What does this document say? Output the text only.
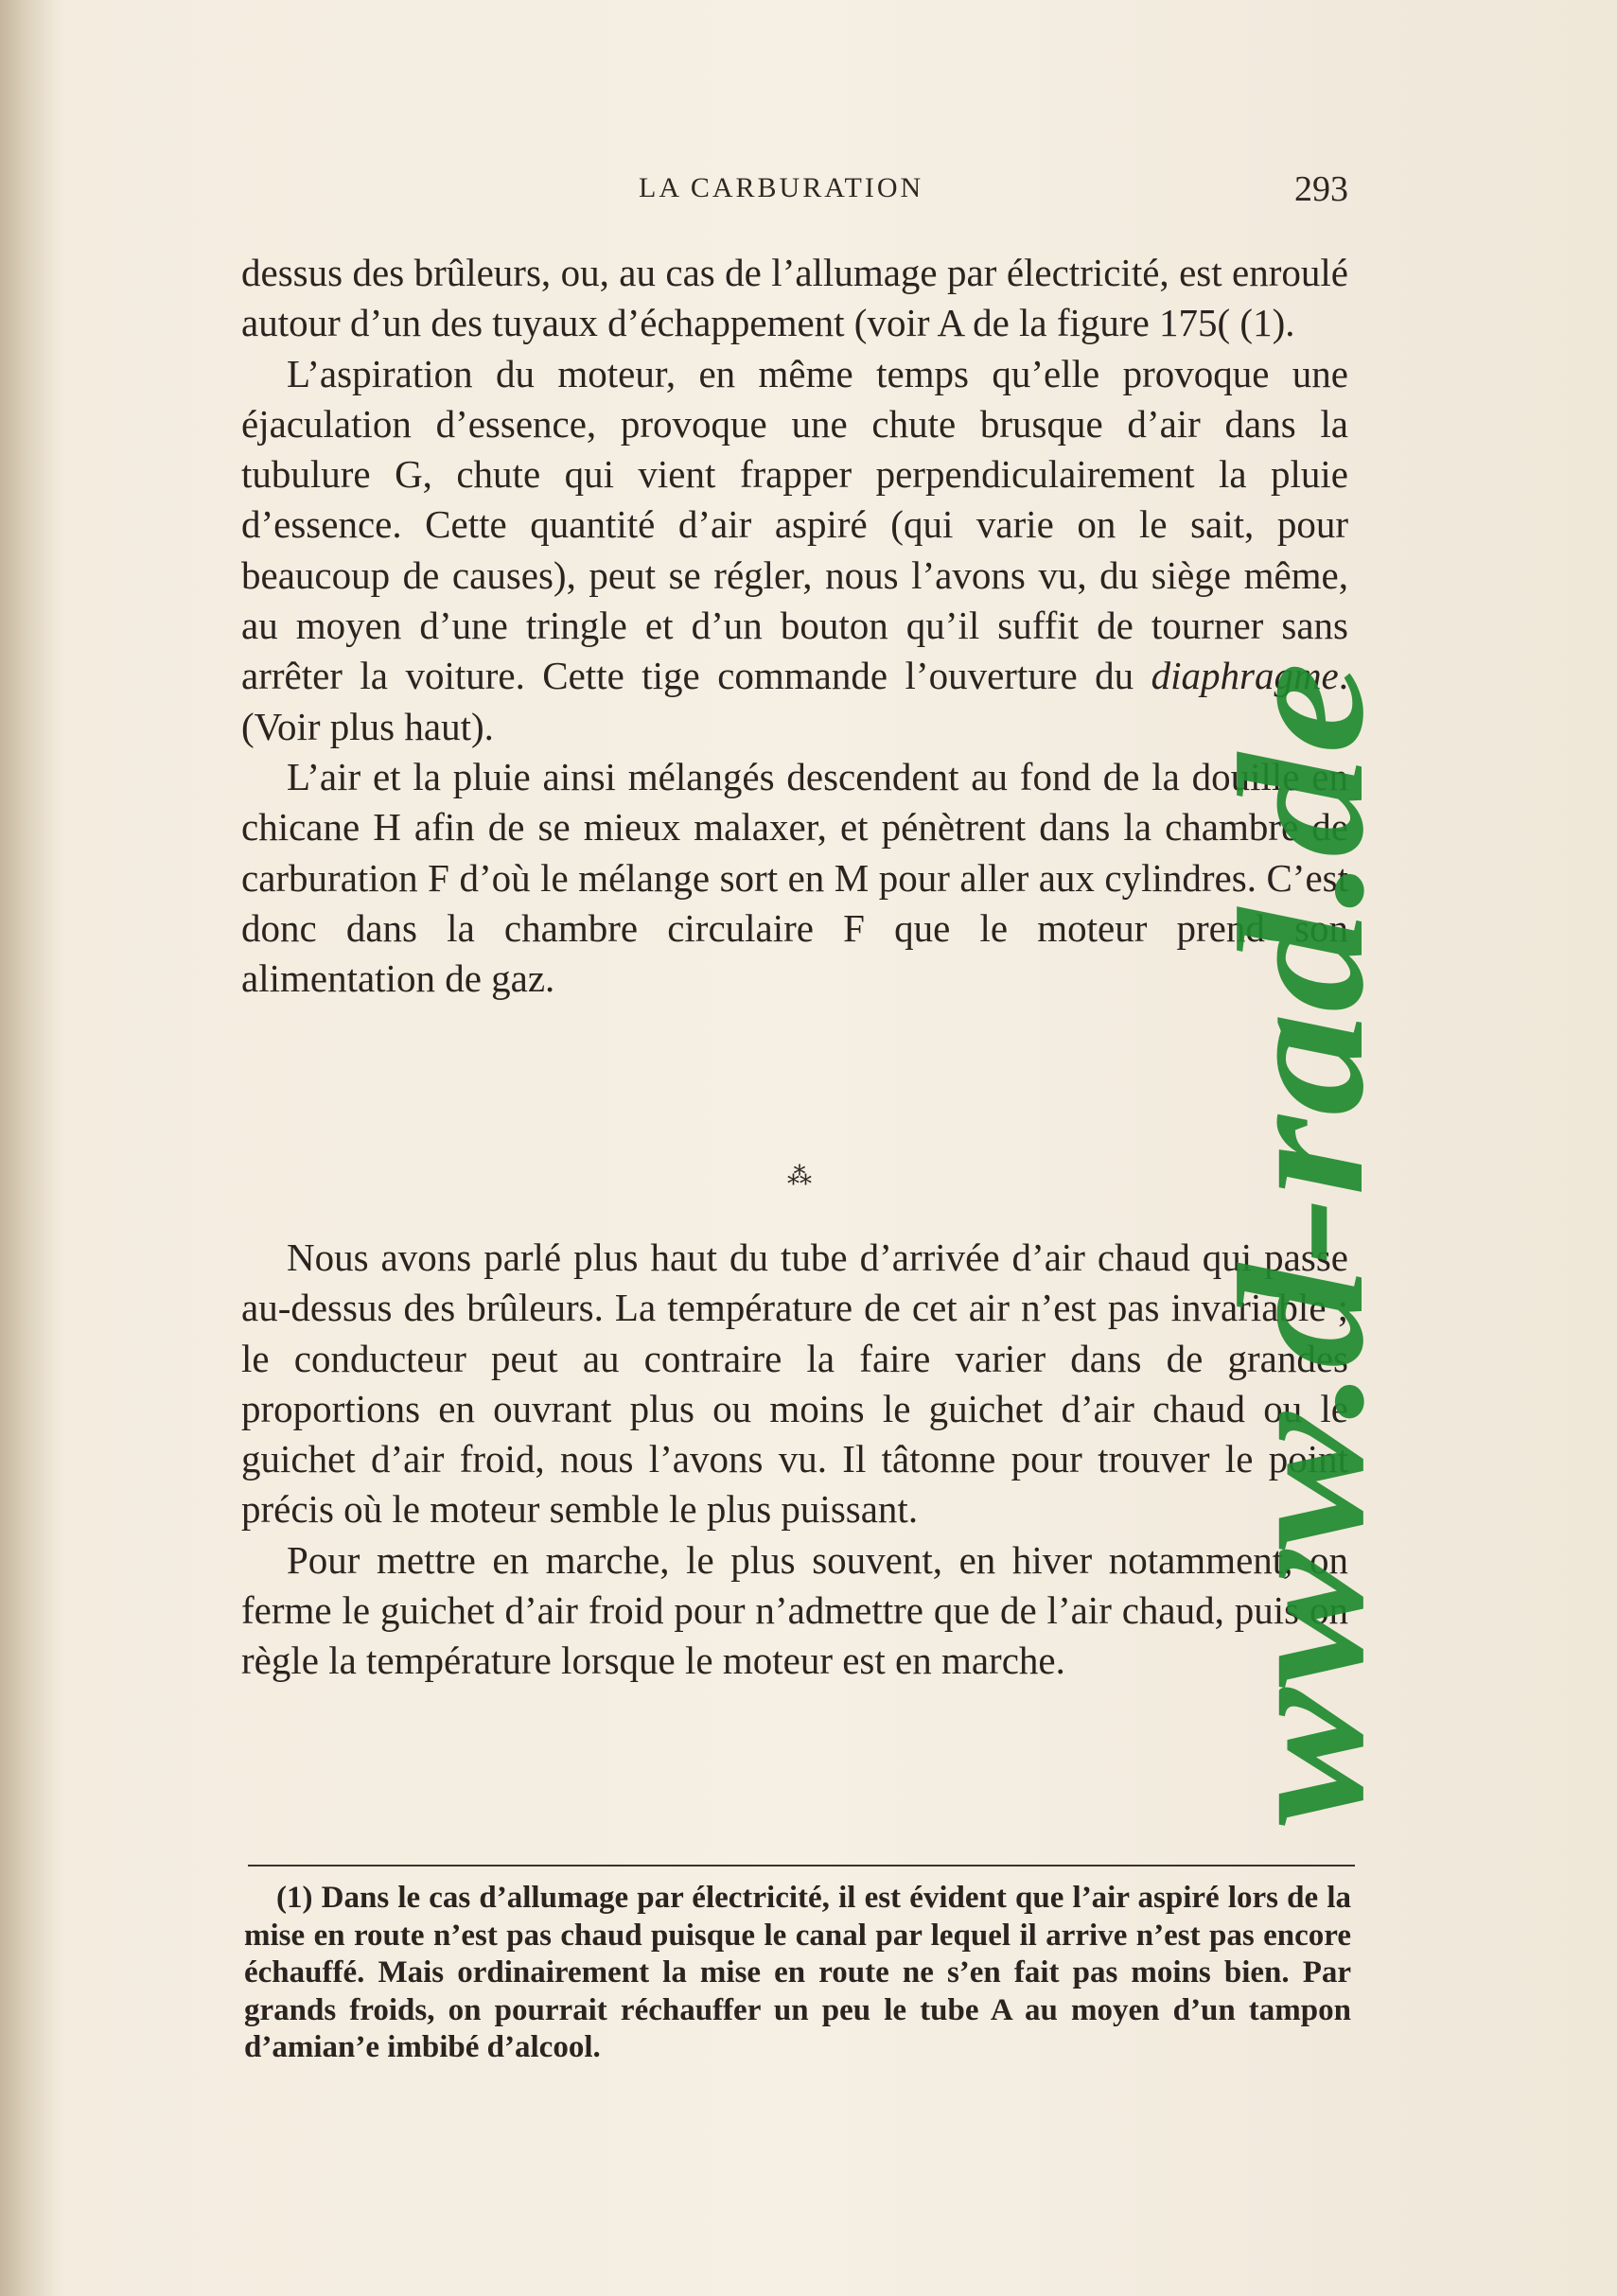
LA CARBURATION	293

dessus des brûleurs, ou, au cas de l’allumage par électricité, est enroulé autour d’un des tuyaux d’échappement (voir A de la figure 175( (1).

L’aspiration du moteur, en même temps qu’elle provoque une éjaculation d’essence, provoque une chute brusque d’air dans la tubulure G, chute qui vient frapper perpendiculairement la pluie d’essence. Cette quantité d’air aspiré (qui varie on le sait, pour beaucoup de causes), peut se régler, nous l’avons vu, du siège même, au moyen d’une tringle et d’un bouton qu’il suffit de tourner sans arrêter la voiture. Cette tige commande l’ouverture du diaphragme. (Voir plus haut).

L’air et la pluie ainsi mélangés descendent au fond de la douille en chicane H afin de se mieux malaxer, et pénètrent dans la chambre de carburation F d’où le mélange sort en M pour aller aux cylindres. C’est donc dans la chambre circulaire F que le moteur prend son alimentation de gaz.

⁂

Nous avons parlé plus haut du tube d’arrivée d’air chaud qui passe au-dessus des brûleurs. La température de cet air n’est pas invariable ; le conducteur peut au contraire la faire varier dans de grandes proportions en ouvrant plus ou moins le guichet d’air chaud ou le guichet d’air froid, nous l’avons vu. Il tâtonne pour trouver le point précis où le moteur semble le plus puissant.

Pour mettre en marche, le plus souvent, en hiver notamment, on ferme le guichet d’air froid pour n’admettre que de l’air chaud, puis on règle la température lorsque le moteur est en marche.

(1) Dans le cas d’allumage par électricité, il est évident que l’air aspiré lors de la mise en route n’est pas chaud puisque le canal par lequel il arrive n’est pas encore échauffé. Mais ordinairement la mise en route ne s’en fait pas moins bien. Par grands froids, on pourrait réchauffer un peu le tube A au moyen d’un tampon d’amian’e imbibé d’alcool.
www.d-rad.de
